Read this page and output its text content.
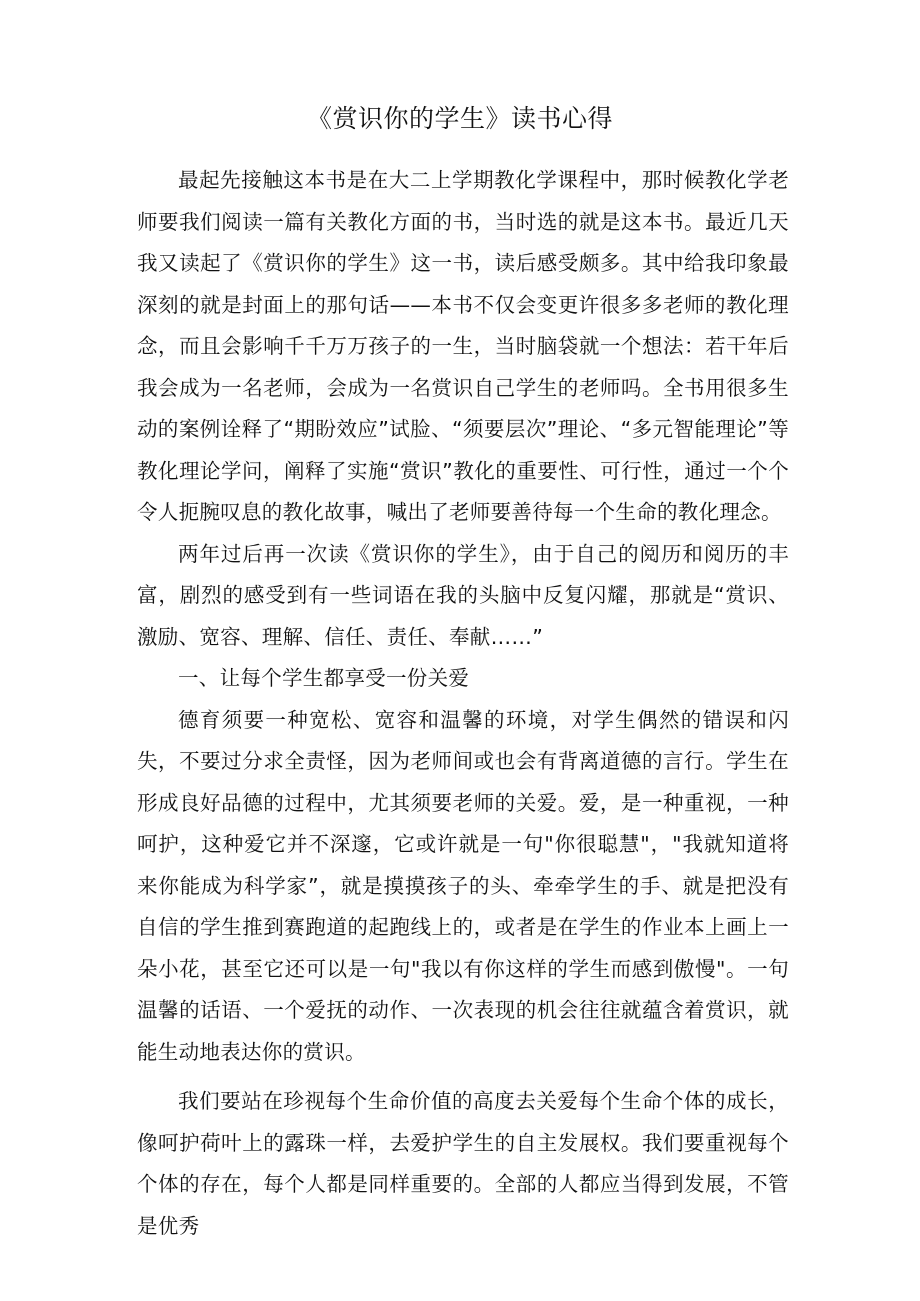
《赏识你的学生》读书心得

最起先接触这本书是在大二上学期教化学课程中，那时候教化学老师要我们阅读一篇有关教化方面的书，当时选的就是这本书。最近几天我又读起了《赏识你的学生》这一书，读后感受颇多。其中给我印象最深刻的就是封面上的那句话——本书不仅会变更许很多多老师的教化理念，而且会影响千千万万孩子的一生，当时脑袋就一个想法：若干年后我会成为一名老师，会成为一名赏识自己学生的老师吗。全书用很多生动的案例诠释了“期盼效应”试脸、“须要层次”理论、“多元智能理论”等教化理论学问，阐释了实施“赏识”教化的重要性、可行性，通过一个个令人扼腕叹息的教化故事，喊出了老师要善待每一个生命的教化理念。

两年过后再一次读《赏识你的学生》，由于自己的阅历和阅历的丰富，剧烈的感受到有一些词语在我的头脑中反复闪耀，那就是“赏识、激励、宽容、理解、信任、责任、奉献……”

一、让每个学生都享受一份关爱

德育须要一种宽松、宽容和温馨的环境，对学生偶然的错误和闪失，不要过分求全责怪，因为老师间或也会有背离道德的言行。学生在形成良好品德的过程中，尤其须要老师的关爱。爱，是一种重视，一种呵护，这种爱它并不深邃，它或许就是一句"你很聪慧"，"我就知道将来你能成为科学家”，就是摸摸孩子的头、牵牵学生的手、就是把没有自信的学生推到赛跑道的起跑线上的，或者是在学生的作业本上画上一朵小花，甚至它还可以是一句"我以有你这样的学生而感到傲慢"。一句温馨的话语、一个爱抚的动作、一次表现的机会往往就蕴含着赏识，就能生动地表达你的赏识。

我们要站在珍视每个生命价值的高度去关爱每个生命个体的成长，像呵护荷叶上的露珠一样，去爱护学生的自主发展权。我们要重视每个个体的存在，每个人都是同样重要的。全部的人都应当得到发展，不管是优秀
